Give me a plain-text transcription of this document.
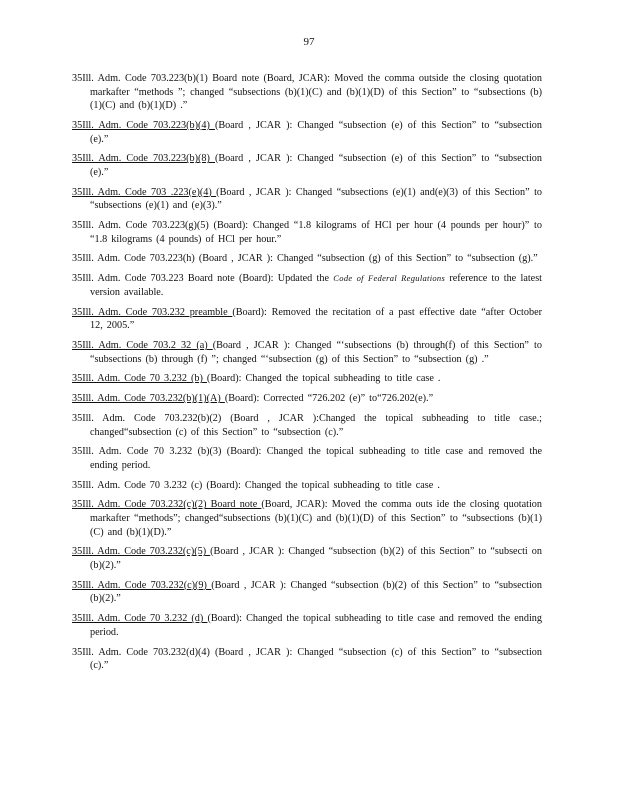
97

35Ill. Adm. Code 703.223(b)(1) Board note (Board, JCAR): Moved the comma outside the closing quotation markafter “methods ”; changed “subsections (b)(1)(C) and (b)(1)(D) of this Section” to “subsections (b)(1)(C) and (b)(1)(D) .”

35Ill. Adm. Code 703.223(b)(4) (Board , JCAR ): Changed “subsection (e) of this Section” to “subsection (e).”

35Ill. Adm. Code 703.223(b)(8) (Board , JCAR ): Changed “subsection (e) of this Section” to “subsection (e).”

35Ill. Adm. Code 703 .223(e)(4) (Board , JCAR ): Changed “subsections (e)(1) and(e)(3) of this Section” to “subsections (e)(1) and (e)(3).”

35Ill. Adm. Code 703.223(g)(5) (Board): Changed “1.8 kilograms of HCl per hour (4 pounds per hour)” to “1.8 kilograms (4 pounds) of HCl per hour.”

35Ill. Adm. Code 703.223(h) (Board , JCAR ): Changed “subsection (g) of this Section” to “subsection (g).”

35Ill. Adm. Code 703.223 Board note (Board): Updated the Code of Federal Regulations reference to the latest version available.

35Ill. Adm. Code 703.232 preamble (Board): Removed the recitation of a past effective date “after October 12, 2005.”

35Ill. Adm. Code 703.2 32 (a) (Board , JCAR ): Changed “‘subsections (b) through(f) of this Section” to “subsections (b) through (f) ”; changed “‘subsection (g) of this Section” to “subsection (g) .”

35Ill. Adm. Code 70 3.232 (b) (Board): Changed the topical subheading to title case .

35Ill. Adm. Code 703.232(b)(1)(A) (Board): Corrected “726.202 (e)” to“726.202(e).”

35Ill. Adm. Code 703.232(b)(2) (Board , JCAR ):Changed the topical subheading to title case.; changed“subsection (c) of this Section” to “subsection (c).”

35Ill. Adm. Code 70 3.232 (b)(3) (Board): Changed the topical subheading to title case and removed the ending period.

35Ill. Adm. Code 70 3.232 (c) (Board): Changed the topical subheading to title case .

35Ill. Adm. Code 703.232(c)(2) Board note (Board, JCAR): Moved the comma outs ide the closing quotation markafter “methods”; changed“subsections (b)(1)(C) and (b)(1)(D) of this Section” to “subsections (b)(1)(C) and (b)(1)(D).”

35Ill. Adm. Code 703.232(c)(5) (Board , JCAR ): Changed “subsection (b)(2) of this Section” to “subsecti on (b)(2).”

35Ill. Adm. Code 703.232(c)(9) (Board , JCAR ): Changed “subsection (b)(2) of this Section” to “subsection (b)(2).”

35Ill. Adm. Code 70 3.232 (d) (Board): Changed the topical subheading to title case and removed the ending period.

35Ill. Adm. Code 703.232(d)(4) (Board , JCAR ): Changed “subsection (c) of this Section” to “subsection (c).”
